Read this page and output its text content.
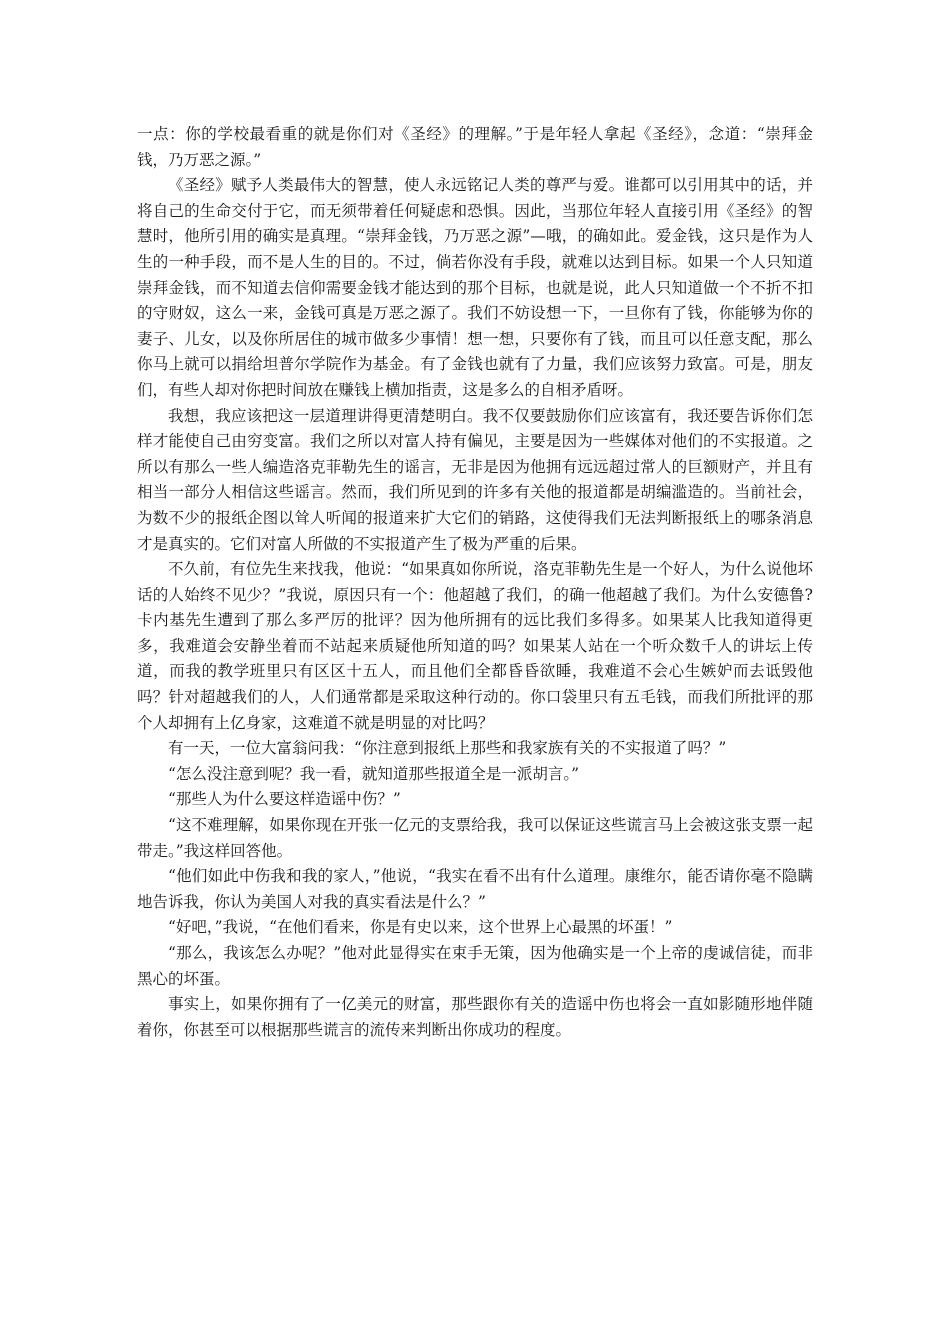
一点：你的学校最看重的就是你们对《圣经》的理解。”于是年轻人拿起《圣经》，念道：“崇拜金钱，乃万恶之源。”

《圣经》赋予人类最伟大的智慧，使人永远铭记人类的尊严与爱。谁都可以引用其中的话，并将自己的生命交付于它，而无须带着任何疑虑和恐惧。因此，当那位年轻人直接引用《圣经》的智慧时，他所引用的确实是真理。“崇拜金钱，乃万恶之源”—哦，的确如此。爱金钱，这只是作为人生的一种手段，而不是人生的目的。不过，倘若你没有手段，就难以达到目标。如果一个人只知道崇拜金钱，而不知道去信仰需要金钱才能达到的那个目标，也就是说，此人只知道做一个不折不扣的守财奴，这么一来，金钱可真是万恶之源了。我们不妨设想一下，一旦你有了钱，你能够为你的妻子、儿女，以及你所居住的城市做多少事情！想一想，只要你有了钱，而且可以任意支配，那么你马上就可以捐给坦普尔学院作为基金。有了金钱也就有了力量，我们应该努力致富。可是，朋友们，有些人却对你把时间放在赚钱上横加指责，这是多么的自相矛盾呀。

我想，我应该把这一层道理讲得更清楚明白。我不仅要鼓励你们应该富有，我还要告诉你们怎样才能使自己由穷变富。我们之所以对富人持有偏见，主要是因为一些媒体对他们的不实报道。之所以有那么一些人编造洛克菲勒先生的谣言，无非是因为他拥有远远超过常人的巨额财产，并且有相当一部分人相信这些谣言。然而，我们所见到的许多有关他的报道都是胡编滥造的。当前社会，为数不少的报纸企图以耸人听闻的报道来扩大它们的销路，这使得我们无法判断报纸上的哪条消息才是真实的。它们对富人所做的不实报道产生了极为严重的后果。

不久前，有位先生来找我，他说：“如果真如你所说，洛克菲勒先生是一个好人，为什么说他坏话的人始终不见少？”我说，原因只有一个：他超越了我们，的确一他超越了我们。为什么安德鲁?卡内基先生遭到了那么多严厉的批评？因为他所拥有的远比我们多得多。如果某人比我知道得更多，我难道会安静坐着而不站起来质疑他所知道的吗？如果某人站在一个听众数千人的讲坛上传道，而我的教学班里只有区区十五人，而且他们全都昏昏欲睡，我难道不会心生嫉妒而去诋毁他吗？针对超越我们的人，人们通常都是采取这种行动的。你口袋里只有五毛钱，而我们所批评的那个人却拥有上亿身家，这难道不就是明显的对比吗？

有一天，一位大富翁问我：“你注意到报纸上那些和我家族有关的不实报道了吗？”

“怎么没注意到呢？我一看，就知道那些报道全是一派胡言。”

“那些人为什么要这样造谣中伤？”

“这不难理解，如果你现在开张一亿元的支票给我，我可以保证这些谎言马上会被这张支票一起带走。”我这样回答他。

“他们如此中伤我和我的家人，”他说，“我实在看不出有什么道理。康维尔，能否请你毫不隐瞒地告诉我，你认为美国人对我的真实看法是什么？”

“好吧，”我说，“在他们看来，你是有史以来，这个世界上心最黑的坏蛋！”

“那么，我该怎么办呢？”他对此显得实在束手无策，因为他确实是一个上帝的虔诚信徒，而非黑心的坏蛋。

事实上，如果你拥有了一亿美元的财富，那些跟你有关的造谣中伤也将会一直如影随形地伴随着你，你甚至可以根据那些谎言的流传来判断出你成功的程度。
